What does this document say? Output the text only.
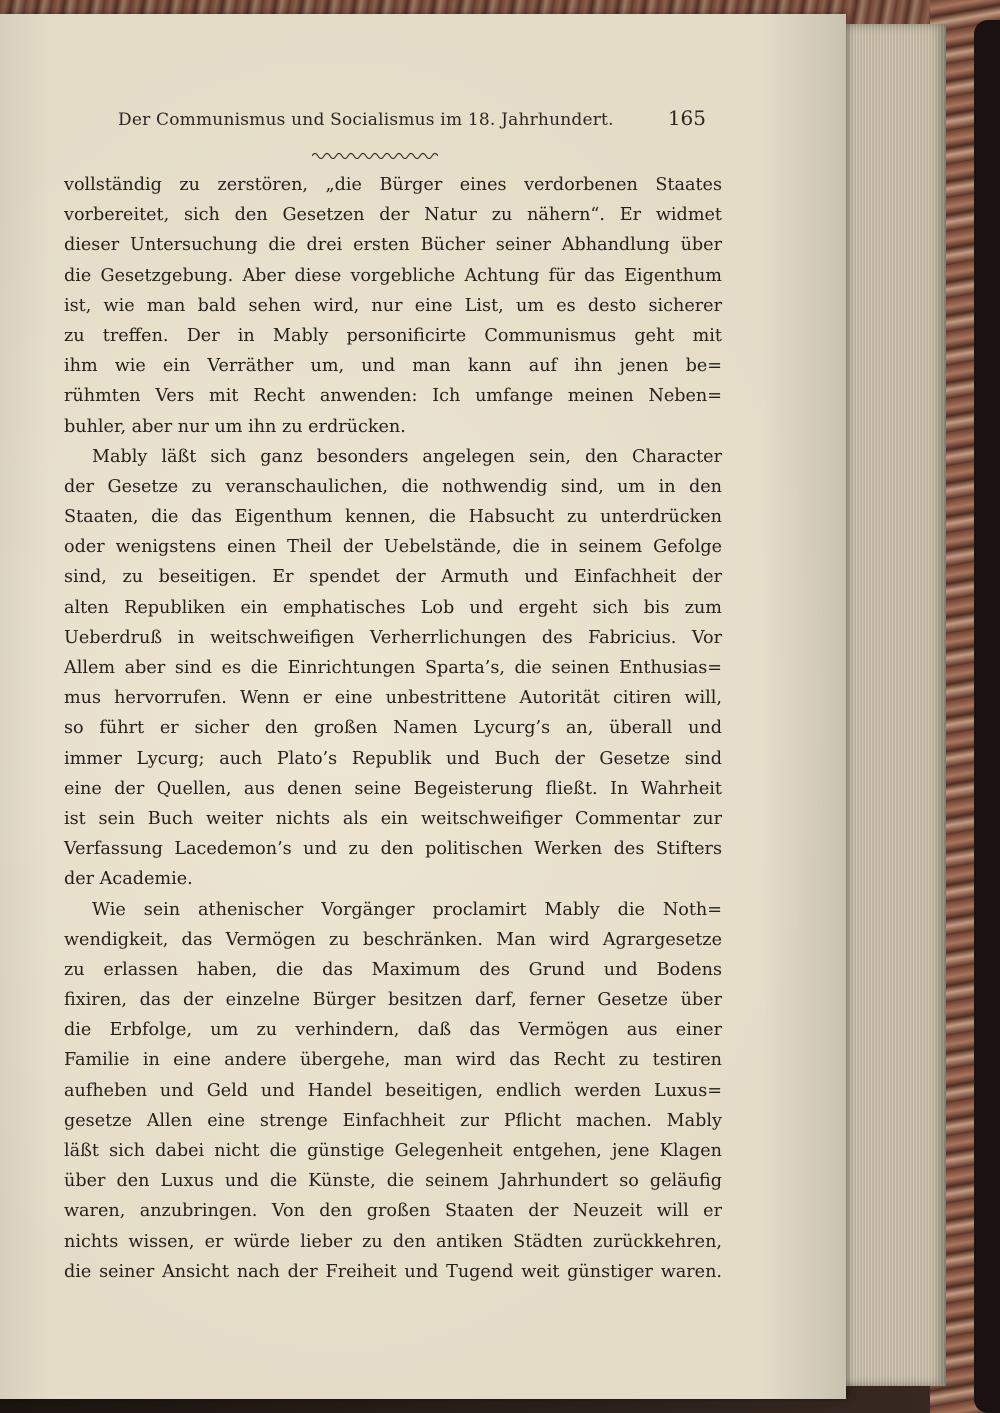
Der Communismus und Socialismus im 18. Jahrhundert.	165
vollständig zu zerstören, „die Bürger eines verdorbenen Staates
vorbereitet, sich den Gesetzen der Natur zu nähern“. Er widmet
dieser Untersuchung die drei ersten Bücher seiner Abhandlung über
die Gesetzgebung. Aber diese vorgebliche Achtung für das Eigenthum
ist, wie man bald sehen wird, nur eine List, um es desto sicherer
zu treffen. Der in Mably personificirte Communismus geht mit
ihm wie ein Verräther um, und man kann auf ihn jenen be=
rühmten Vers mit Recht anwenden: Ich umfange meinen Neben=
buhler, aber nur um ihn zu erdrücken.
Mably läßt sich ganz besonders angelegen sein, den Character
der Gesetze zu veranschaulichen, die nothwendig sind, um in den
Staaten, die das Eigenthum kennen, die Habsucht zu unterdrücken
oder wenigstens einen Theil der Uebelstände, die in seinem Gefolge
sind, zu beseitigen. Er spendet der Armuth und Einfachheit der
alten Republiken ein emphatisches Lob und ergeht sich bis zum
Ueberdruß in weitschweifigen Verherrlichungen des Fabricius. Vor
Allem aber sind es die Einrichtungen Sparta’s, die seinen Enthusias=
mus hervorrufen. Wenn er eine unbestrittene Autorität citiren will,
so führt er sicher den großen Namen Lycurg’s an, überall und
immer Lycurg; auch Plato’s Republik und Buch der Gesetze sind
eine der Quellen, aus denen seine Begeisterung fließt. In Wahrheit
ist sein Buch weiter nichts als ein weitschweifiger Commentar zur
Verfassung Lacedemon’s und zu den politischen Werken des Stifters
der Academie.
Wie sein athenischer Vorgänger proclamirt Mably die Noth=
wendigkeit, das Vermögen zu beschränken. Man wird Agrargesetze
zu erlassen haben, die das Maximum des Grund und Bodens
fixiren, das der einzelne Bürger besitzen darf, ferner Gesetze über
die Erbfolge, um zu verhindern, daß das Vermögen aus einer
Familie in eine andere übergehe, man wird das Recht zu testiren
aufheben und Geld und Handel beseitigen, endlich werden Luxus=
gesetze Allen eine strenge Einfachheit zur Pflicht machen. Mably
läßt sich dabei nicht die günstige Gelegenheit entgehen, jene Klagen
über den Luxus und die Künste, die seinem Jahrhundert so geläufig
waren, anzubringen. Von den großen Staaten der Neuzeit will er
nichts wissen, er würde lieber zu den antiken Städten zurückkehren,
die seiner Ansicht nach der Freiheit und Tugend weit günstiger waren.
